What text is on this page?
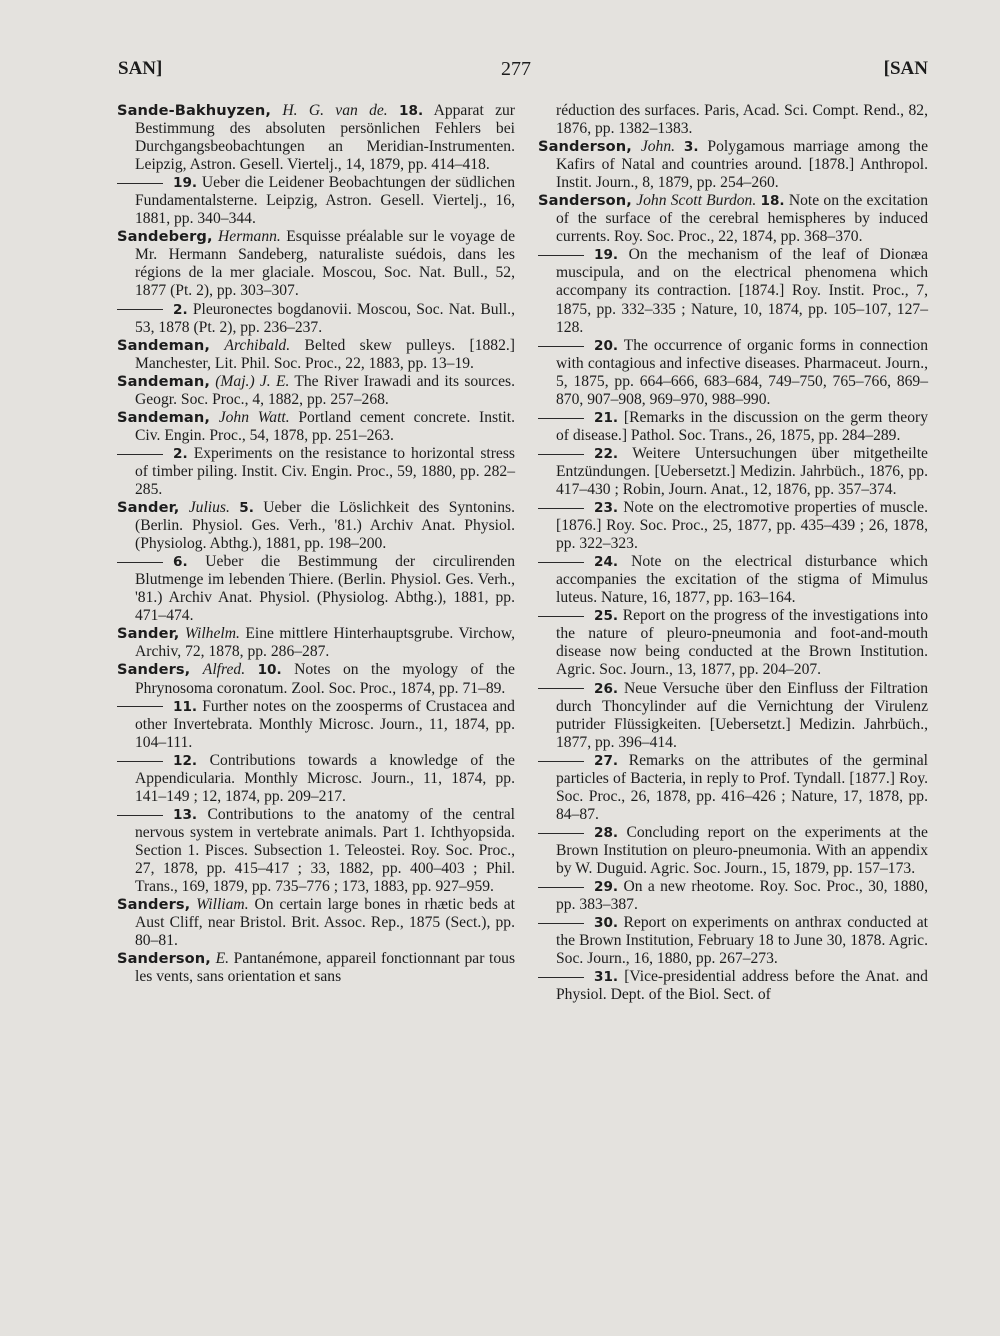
SAN]	277	[SAN

Sande-Bakhuyzen, H. G. van de. 18. Apparat zur Bestimmung des absoluten persönlichen Fehlers bei Durchgangsbeobachtungen an Meridian-Instrumenten. Leipzig, Astron. Gesell. Viertelj., 14, 1879, pp. 414–418.

19. Ueber die Leidener Beobachtungen der südlichen Fundamentalsterne. Leipzig, Astron. Gesell. Viertelj., 16, 1881, pp. 340–344.

Sandeberg, Hermann. Esquisse préalable sur le voyage de Mr. Hermann Sandeberg, naturaliste suédois, dans les régions de la mer glaciale. Moscou, Soc. Nat. Bull., 52, 1877 (Pt. 2), pp. 303–307.

2. Pleuronectes bogdanovii. Moscou, Soc. Nat. Bull., 53, 1878 (Pt. 2), pp. 236–237.

Sandeman, Archibald. Belted skew pulleys. [1882.] Manchester, Lit. Phil. Soc. Proc., 22, 1883, pp. 13–19.

Sandeman, (Maj.) J. E. The River Irawadi and its sources. Geogr. Soc. Proc., 4, 1882, pp. 257–268.

Sandeman, John Watt. Portland cement concrete. Instit. Civ. Engin. Proc., 54, 1878, pp. 251–263.

2. Experiments on the resistance to horizontal stress of timber piling. Instit. Civ. Engin. Proc., 59, 1880, pp. 282–285.

Sander, Julius. 5. Ueber die Löslichkeit des Syntonins. (Berlin. Physiol. Ges. Verh., '81.) Archiv Anat. Physiol. (Physiolog. Abthg.), 1881, pp. 198–200.

6. Ueber die Bestimmung der circulirenden Blutmenge im lebenden Thiere. (Berlin. Physiol. Ges. Verh., '81.) Archiv Anat. Physiol. (Physiolog. Abthg.), 1881, pp. 471–474.

Sander, Wilhelm. Eine mittlere Hinterhauptsgrube. Virchow, Archiv, 72, 1878, pp. 286–287.

Sanders, Alfred. 10. Notes on the myology of the Phrynosoma coronatum. Zool. Soc. Proc., 1874, pp. 71–89.

11. Further notes on the zoosperms of Crustacea and other Invertebrata. Monthly Microsc. Journ., 11, 1874, pp. 104–111.

12. Contributions towards a knowledge of the Appendicularia. Monthly Microsc. Journ., 11, 1874, pp. 141–149 ; 12, 1874, pp. 209–217.

13. Contributions to the anatomy of the central nervous system in vertebrate animals. Part 1. Ichthyopsida. Section 1. Pisces. Subsection 1. Teleostei. Roy. Soc. Proc., 27, 1878, pp. 415–417 ; 33, 1882, pp. 400–403 ; Phil. Trans., 169, 1879, pp. 735–776 ; 173, 1883, pp. 927–959.

Sanders, William. On certain large bones in rhætic beds at Aust Cliff, near Bristol. Brit. Assoc. Rep., 1875 (Sect.), pp. 80–81.

Sanderson, E. Pantanémone, appareil fonctionnant par tous les vents, sans orientation et sans

réduction des surfaces. Paris, Acad. Sci. Compt. Rend., 82, 1876, pp. 1382–1383.

Sanderson, John. 3. Polygamous marriage among the Kafirs of Natal and countries around. [1878.] Anthropol. Instit. Journ., 8, 1879, pp. 254–260.

Sanderson, John Scott Burdon. 18. Note on the excitation of the surface of the cerebral hemispheres by induced currents. Roy. Soc. Proc., 22, 1874, pp. 368–370.

19. On the mechanism of the leaf of Dionæa muscipula, and on the electrical phenomena which accompany its contraction. [1874.] Roy. Instit. Proc., 7, 1875, pp. 332–335 ; Nature, 10, 1874, pp. 105–107, 127–128.

20. The occurrence of organic forms in connection with contagious and infective diseases. Pharmaceut. Journ., 5, 1875, pp. 664–666, 683–684, 749–750, 765–766, 869–870, 907–908, 969–970, 988–990.

21. [Remarks in the discussion on the germ theory of disease.] Pathol. Soc. Trans., 26, 1875, pp. 284–289.

22. Weitere Untersuchungen über mitgetheilte Entzündungen. [Uebersetzt.] Medizin. Jahrbüch., 1876, pp. 417–430 ; Robin, Journ. Anat., 12, 1876, pp. 357–374.

23. Note on the electromotive properties of muscle. [1876.] Roy. Soc. Proc., 25, 1877, pp. 435–439 ; 26, 1878, pp. 322–323.

24. Note on the electrical disturbance which accompanies the excitation of the stigma of Mimulus luteus. Nature, 16, 1877, pp. 163–164.

25. Report on the progress of the investigations into the nature of pleuro-pneumonia and foot-and-mouth disease now being conducted at the Brown Institution. Agric. Soc. Journ., 13, 1877, pp. 204–207.

26. Neue Versuche über den Einfluss der Filtration durch Thoncylinder auf die Vernichtung der Virulenz putrider Flüssigkeiten. [Uebersetzt.] Medizin. Jahrbüch., 1877, pp. 396–414.

27. Remarks on the attributes of the germinal particles of Bacteria, in reply to Prof. Tyndall. [1877.] Roy. Soc. Proc., 26, 1878, pp. 416–426 ; Nature, 17, 1878, pp. 84–87.

28. Concluding report on the experiments at the Brown Institution on pleuro-pneumonia. With an appendix by W. Duguid. Agric. Soc. Journ., 15, 1879, pp. 157–173.

29. On a new rheotome. Roy. Soc. Proc., 30, 1880, pp. 383–387.

30. Report on experiments on anthrax conducted at the Brown Institution, February 18 to June 30, 1878. Agric. Soc. Journ., 16, 1880, pp. 267–273.

31. [Vice-presidential address before the Anat. and Physiol. Dept. of the Biol. Sect. of
